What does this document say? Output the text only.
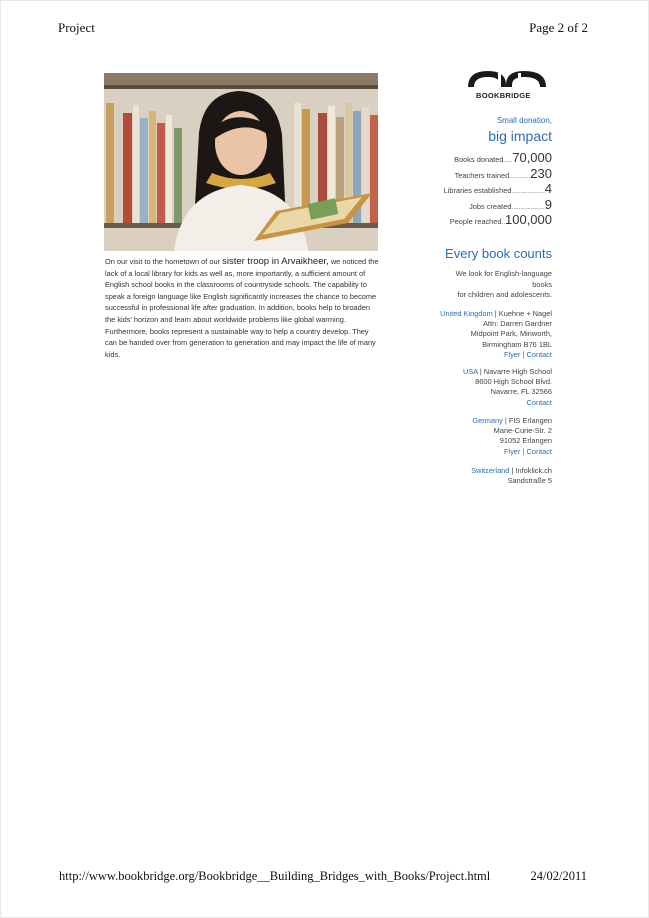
Project	Page 2 of 2
On our visit to the hometown of our sister troop in Arvaikheer, we noticed the lack of a local library for kids as well as, more importantly, a sufficient amount of English school books in the classrooms of countryside schools. The capability to speak a foreign language like English significantly increases the chance to become successful in professional life after graduation. In addition, books help to broaden the kids' horizon and learn about worldwide problems like global warming. Furthermore, books represent a sustainable way to help a country develop. They can be handed over from generation to generation and may impact the life of many kids.
BOOKBRIDGE
Small donation,
big impact
Books donated ..... 70,000
Teachers trained ............ 230
Libraries established ................... 4
Jobs created ................... 9
People reached .. 100,000
Every book counts
We look for English-language
books
for children and adolescents.
United Kingdom | Kuehne + Nagel
Attn: Darren Gardner
Midpoint Park, Minworth,
Birmingham B76 1BL
Flyer | Contact
USA | Navarre High School
8600 High School Blvd.
Navarre, FL 32566
Contact
Germany | FIS Erlangen
Marie-Curie-Str. 2
91052 Erlangen
Flyer | Contact
Switzerland | Infoklick.ch
Sandstraße 5
http://www.bookbridge.org/Bookbridge__Building_Bridges_with_Books/Project.html	24/02/2011
